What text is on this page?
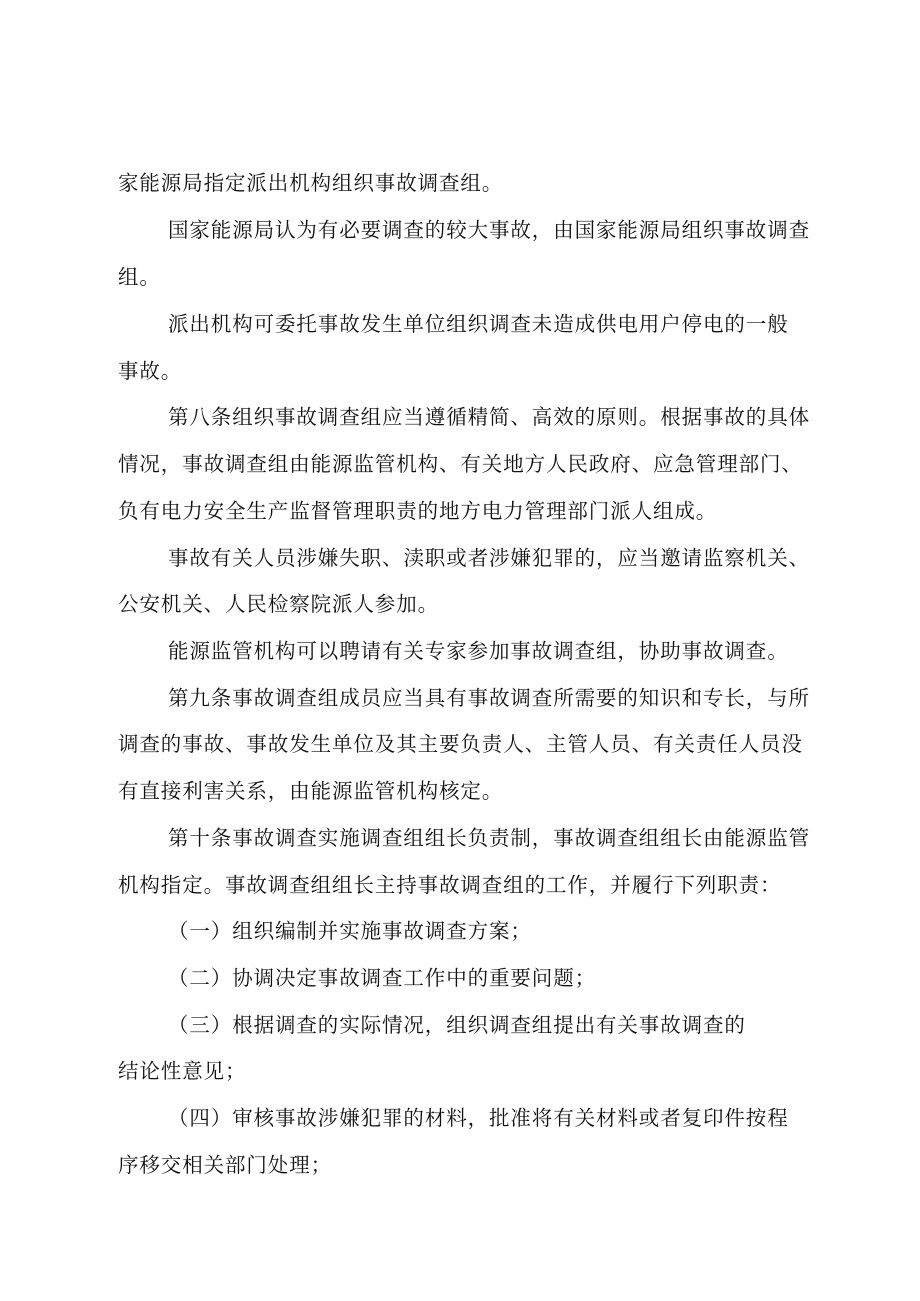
家能源局指定派出机构组织事故调查组。
国家能源局认为有必要调查的较大事故，由国家能源局组织事故调查
组。
派出机构可委托事故发生单位组织调查未造成供电用户停电的一般
事故。
第八条组织事故调查组应当遵循精简、高效的原则。根据事故的具体
情况，事故调查组由能源监管机构、有关地方人民政府、应急管理部门、
负有电力安全生产监督管理职责的地方电力管理部门派人组成。
事故有关人员涉嫌失职、渎职或者涉嫌犯罪的，应当邀请监察机关、
公安机关、人民检察院派人参加。
能源监管机构可以聘请有关专家参加事故调查组，协助事故调查。
第九条事故调查组成员应当具有事故调查所需要的知识和专长，与所
调查的事故、事故发生单位及其主要负责人、主管人员、有关责任人员没
有直接利害关系，由能源监管机构核定。
第十条事故调查实施调查组组长负责制，事故调查组组长由能源监管
机构指定。事故调查组组长主持事故调查组的工作，并履行下列职责：
（一）组织编制并实施事故调查方案；
（二）协调决定事故调查工作中的重要问题；
（三）根据调查的实际情况，组织调查组提出有关事故调查的
结论性意见；
（四）审核事故涉嫌犯罪的材料，批准将有关材料或者复印件按程
序移交相关部门处理；
